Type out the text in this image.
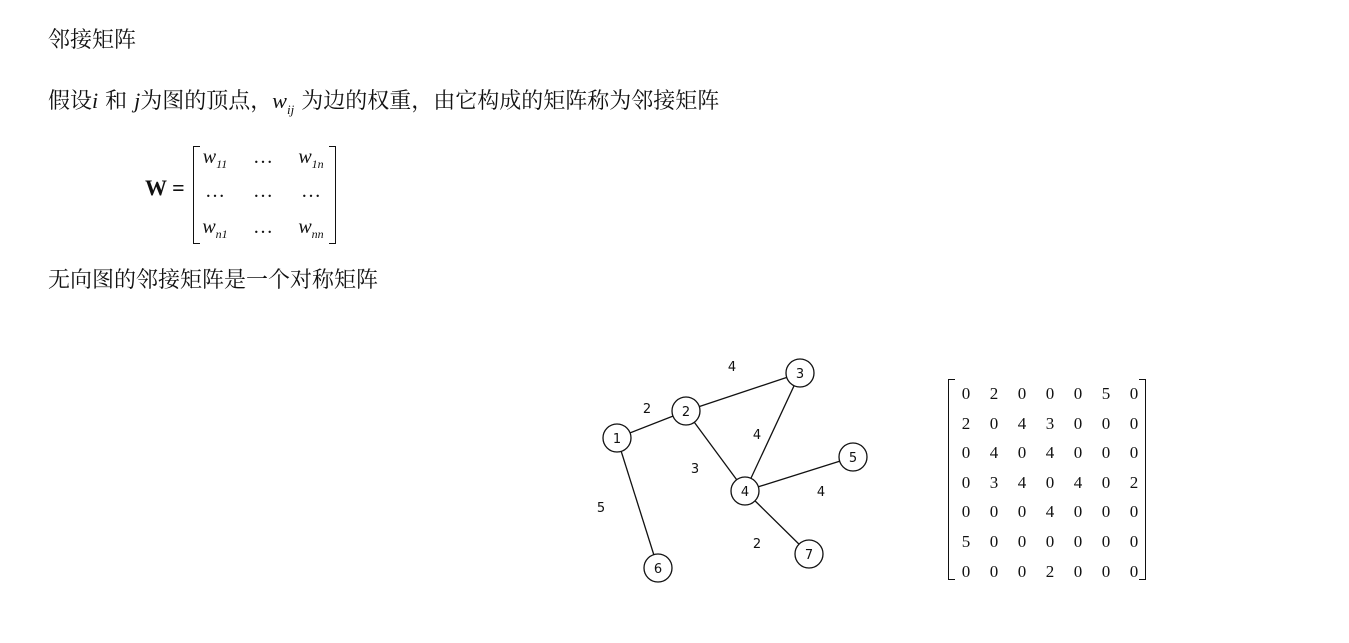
邻接矩阵
假设i 和 j为图的顶点，$w_{ij}$ 为边的权重，由它构成的矩阵称为邻接矩阵
W =
$w_{11}$	…	$w_{1n}$
…	…	…
$w_{n1}$	…	$w_{nn}$
无向图的邻接矩阵是一个对称矩阵
2
4
3
4
4
2
5
1
2
3
4
5
6
7
0	2	0	0	0	5	0
2	0	4	3	0	0	0
0	4	0	4	0	0	0
0	3	4	0	4	0	2
0	0	0	4	0	0	0
5	0	0	0	0	0	0
0	0	0	2	0	0	0
